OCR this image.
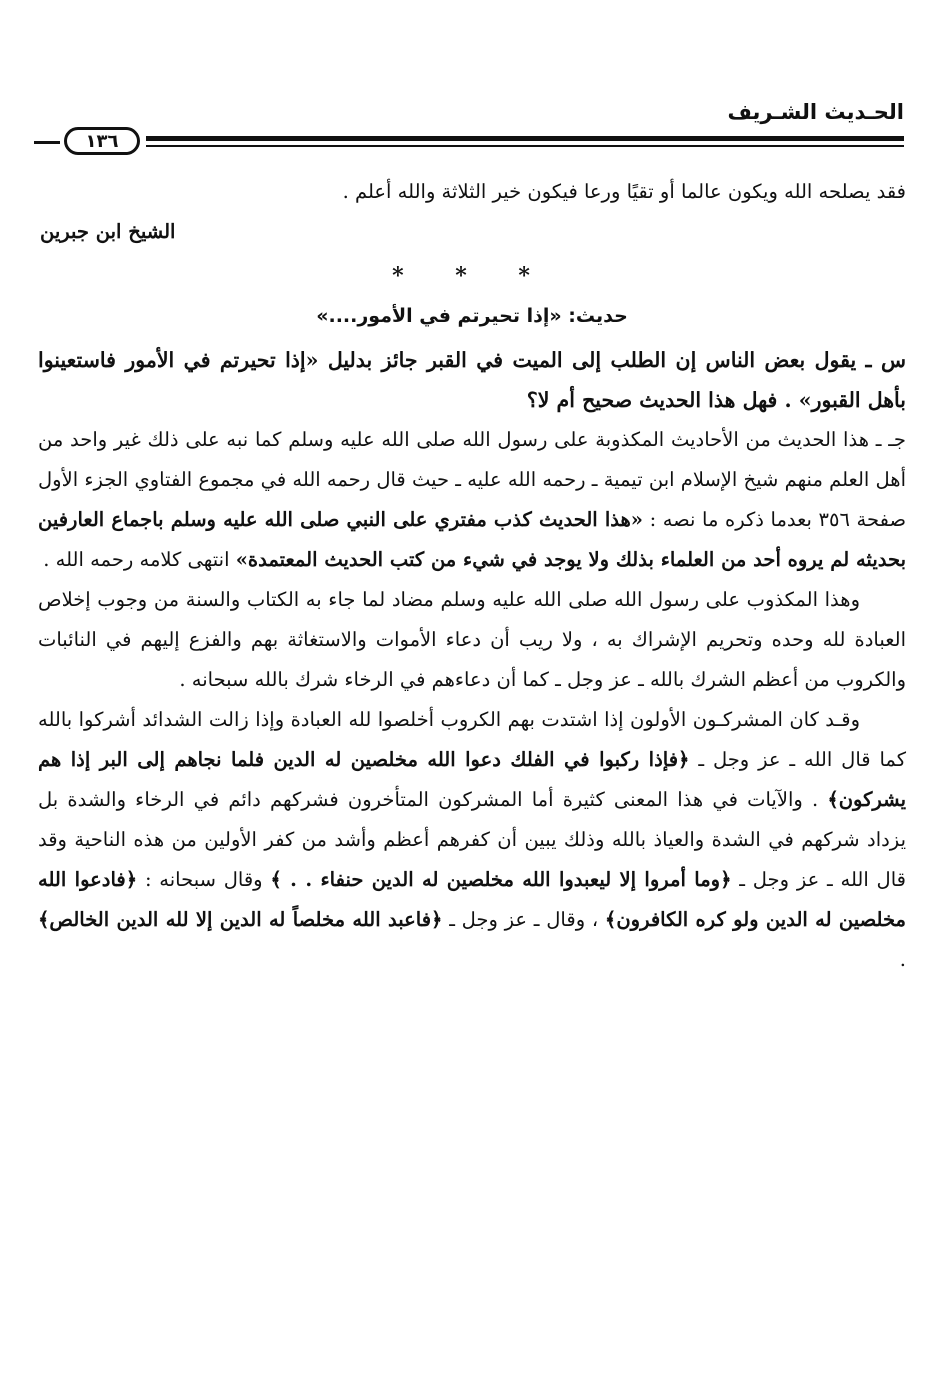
الحـديث الشـريف
١٣٦

فقد يصلحه الله ويكون عالما أو تقيًا ورعا فيكون خير الثلاثة والله أعلم .

الشيخ ابن جبرين

* * *
حديث: «إذا تحيرتم في الأمور....»

س ـ يقول بعض الناس إن الطلب إلى الميت في القبر جائز بدليل «إذا تحيرتم في الأمور فاستعينوا بأهل القبور» . فهل هذا الحديث صحيح أم لا؟

جـ ـ هذا الحديث من الأحاديث المكذوبة على رسول الله صلى الله عليه وسلم كما نبه على ذلك غير واحد من أهل العلم منهم شيخ الإسلام ابن تيمية ـ رحمه الله عليه ـ حيث قال رحمه الله في مجموع الفتاوي الجزء الأول صفحة ٣٥٦ بعدما ذكره ما نصه : «هذا الحديث كذب مفتري على النبي صلى الله عليه وسلم باجماع العارفين بحديثه لم يروه أحد من العلماء بذلك ولا يوجد في شيء من كتب الحديث المعتمدة» انتهى كلامه رحمه الله .

وهذا المكذوب على رسول الله صلى الله عليه وسلم مضاد لما جاء به الكتاب والسنة من وجوب إخلاص العبادة لله وحده وتحريم الإشراك به ، ولا ريب أن دعاء الأموات والاستغاثة بهم والفزع إليهم في النائبات والكروب من أعظم الشرك بالله ـ عز وجل ـ كما أن دعاءهم في الرخاء شرك بالله سبحانه .

وقـد كان المشركـون الأولون إذا اشتدت بهم الكروب أخلصوا لله العبادة وإذا زالت الشدائد أشركوا بالله كما قال الله ـ عز وجل ـ ﴿فإذا ركبوا في الفلك دعوا الله مخلصين له الدين فلما نجاهم إلى البر إذا هم يشركون﴾ . والآيات في هذا المعنى كثيرة أما المشركون المتأخرون فشركهم دائم في الرخاء والشدة بل يزداد شركهم في الشدة والعياذ بالله وذلك يبين أن كفرهم أعظم وأشد من كفر الأولين من هذه الناحية وقد قال الله ـ عز وجل ـ ﴿وما أمروا إلا ليعبدوا الله مخلصين له الدين حنفاء . . ﴾ وقال سبحانه : ﴿فادعوا الله مخلصين له الدين ولو كره الكافرون﴾ ، وقال ـ عز وجل ـ ﴿فاعبد الله مخلصاً له الدين إلا لله الدين الخالص﴾ .
